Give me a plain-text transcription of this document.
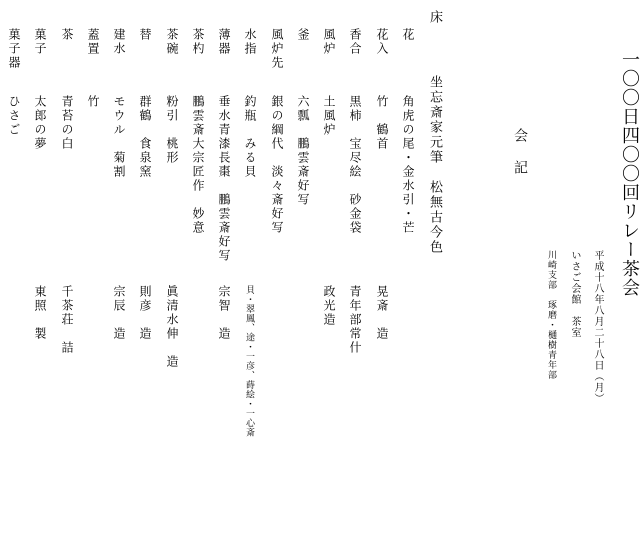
一〇〇日四〇〇回リレー茶会
平成十八年八月二十八日（月）
いさご会館　茶室
川崎支部　琢磨・樋樹青年部
会　記
床
坐忘斎家元筆　松無古今色
花
角虎の尾・金水引・芒
花入
竹　鶴首
晃斎　造
香合
黒柿　宝尽絵　砂金袋
青年部常什
風炉
土風炉
政光造
釜
六瓢　鵬雲斎好写
風炉先
銀の綱代　淡々斎好写
水指
釣瓶　みる貝
貝・翠鳳、途・一彦、蒔絵・一心斎
薄器
垂水青漆長棗　鵬雲斎好写
宗智　造
茶杓
鵬雲斎大宗匠作　妙意
茶碗
粉引　桃形
眞清水伸　造
替
群鶴　食泉窯
則彦　造
建水
モウル　菊割
宗辰　造
蓋置
竹
茶
青苔の白
千茶荘　詰
菓子
太郎の夢
東照　製
菓子器
ひさご
